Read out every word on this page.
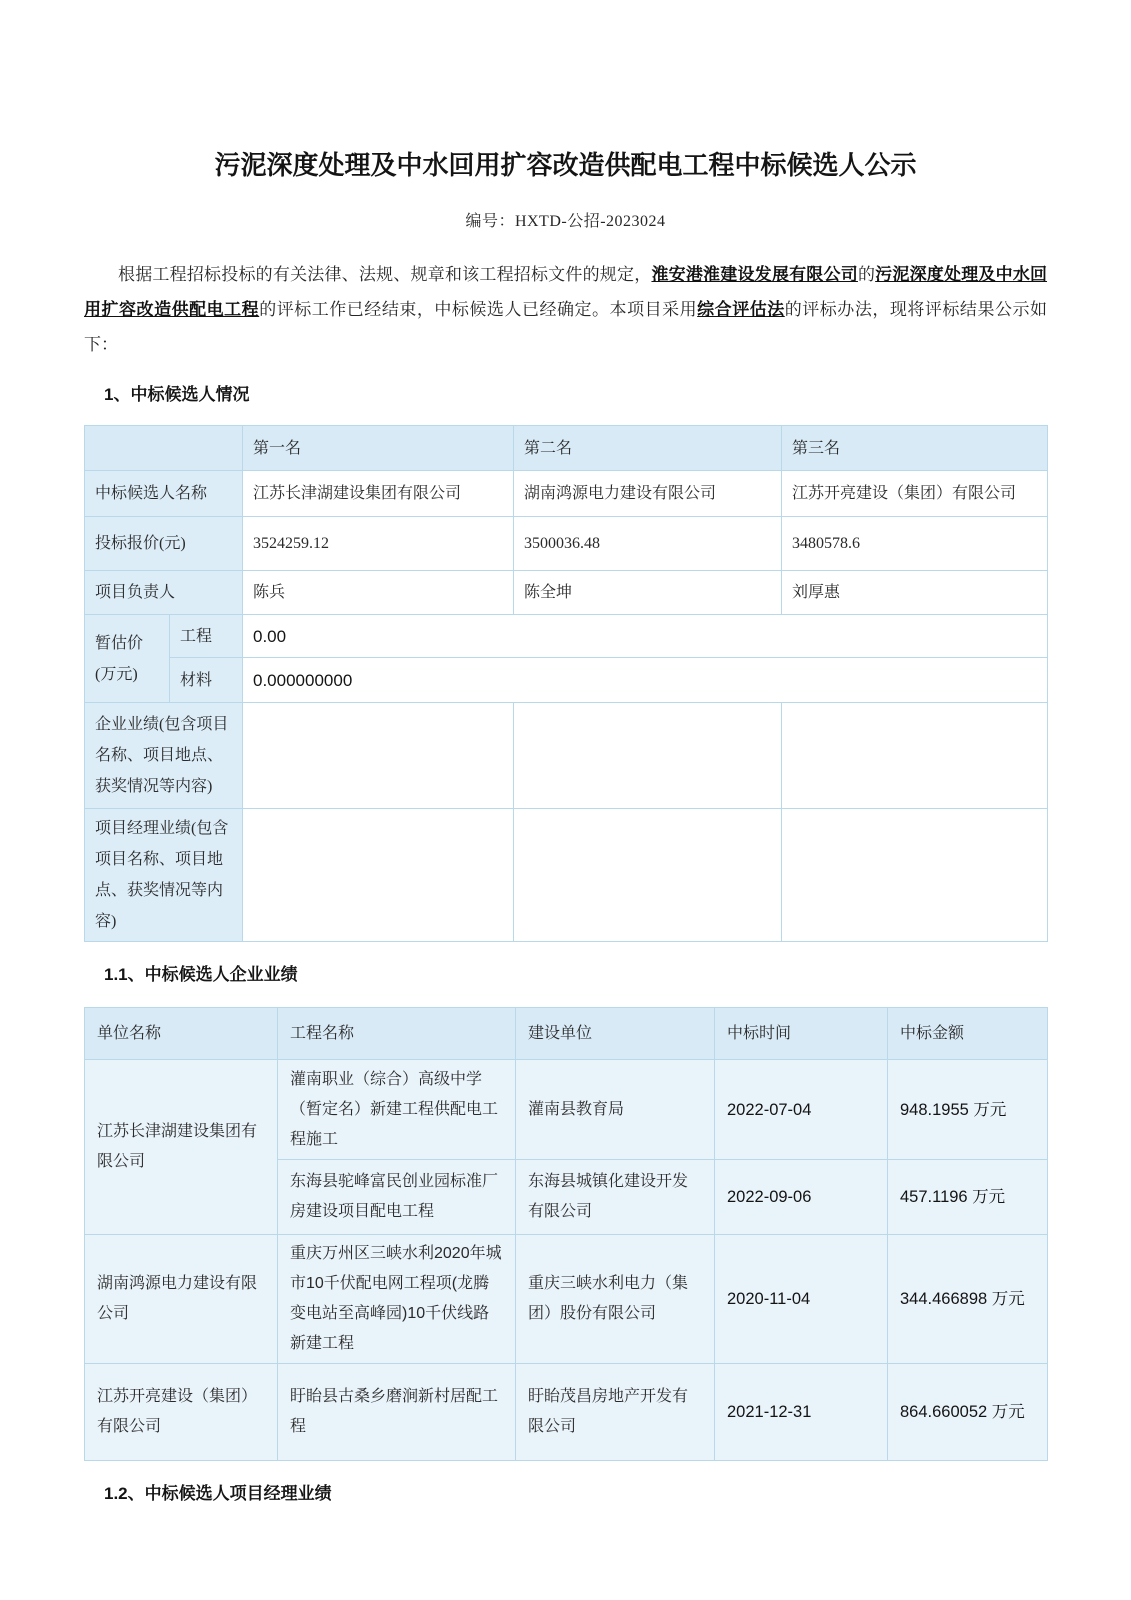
污泥深度处理及中水回用扩容改造供配电工程中标候选人公示
编号：HXTD-公招-2023024

根据工程招标投标的有关法律、法规、规章和该工程招标文件的规定，淮安港淮建设发展有限公司的污泥深度处理及中水回用扩容改造供配电工程的评标工作已经结束，中标候选人已经确定。本项目采用综合评估法的评标办法，现将评标结果公示如下：

1、中标候选人情况
		第一名	第二名	第三名
中标候选人名称		江苏长津湖建设集团有限公司	湖南鸿源电力建设有限公司	江苏开亮建设（集团）有限公司
投标报价(元)		3524259.12	3500036.48	3480578.6
项目负责人		陈兵	陈全坤	刘厚惠
暂估价
(万元)	工程	0.00		
	材料	0.000000000		
企业业绩(包含项目名称、项目地点、获奖情况等内容)				
项目经理业绩(包含项目名称、项目地点、获奖情况等内容)				
1.1、中标候选人企业业绩
单位名称	工程名称	建设单位	中标时间	中标金额
江苏长津湖建设集团有限公司	灌南职业（综合）高级中学（暂定名）新建工程供配电工程施工	灌南县教育局	2022-07-04	948.1955 万元
	东海县驼峰富民创业园标准厂房建设项目配电工程	东海县城镇化建设开发有限公司	2022-09-06	457.1196 万元
湖南鸿源电力建设有限公司	重庆万州区三峡水利2020年城市10千伏配电网工程项(龙腾变电站至高峰园)10千伏线路新建工程	重庆三峡水利电力（集团）股份有限公司	2020-11-04	344.466898 万元
江苏开亮建设（集团）有限公司	盱眙县古桑乡磨涧新村居配工程	盱眙茂昌房地产开发有限公司	2021-12-31	864.660052 万元
1.2、中标候选人项目经理业绩
